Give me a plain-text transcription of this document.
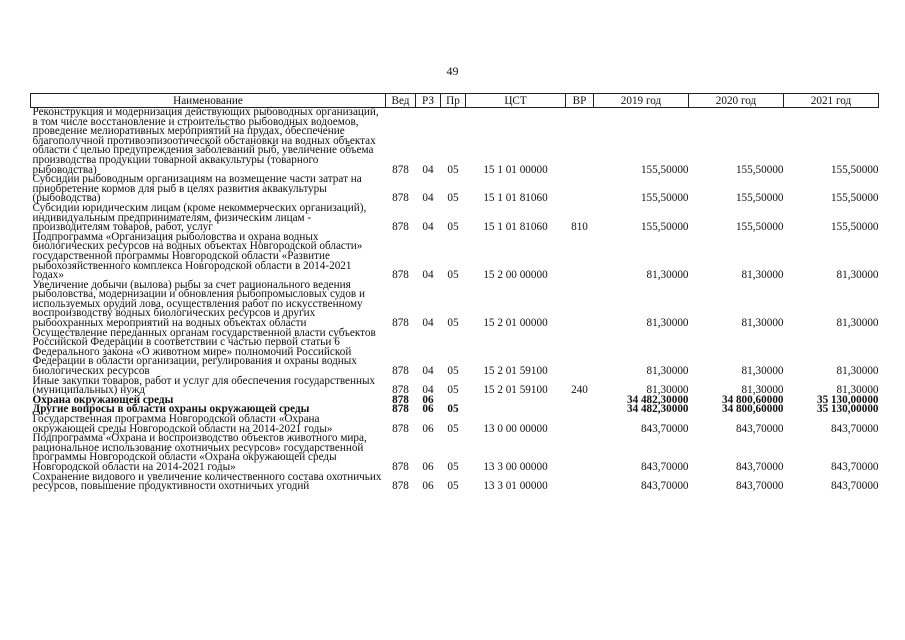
49
Наименование	Вед	РЗ	Пр	ЦСТ	ВР	2019 год	2020 год	2021 год
Реконструкция и модернизация действующих рыбоводных организаций, в том числе восстановление и строительство рыбоводных водоемов, проведение мелиоративных мероприятий на прудах, обеспечение благополучной противоэпизоотической обстановки на водных объектах области с целью предупреждения заболеваний рыб, увеличение объема производства продукции товарной аквакультуры (товарного рыбоводства)	878	04	05	15 1 01 00000		155,50000	155,50000	155,50000
Субсидии рыбоводным организациям на возмещение части затрат на приобретение кормов для рыб в целях развития аквакультуры (рыбоводства)	878	04	05	15 1 01 81060		155,50000	155,50000	155,50000
Субсидии юридическим лицам (кроме некоммерческих организаций), индивидуальным предпринимателям, физическим лицам - производителям товаров, работ, услуг	878	04	05	15 1 01 81060	810	155,50000	155,50000	155,50000
Подпрограмма «Организация рыболовства и охрана водных биологических ресурсов на водных объектах Новгородской области» государственной программы Новгородской области «Развитие рыбохозяйственного комплекса Новгородской области в 2014-2021 годах»	878	04	05	15 2 00 00000		81,30000	81,30000	81,30000
Увеличение добычи (вылова) рыбы за счет рационального ведения рыболовства, модернизации и обновления рыбопромысловых судов и используемых орудий лова, осуществления работ по искусственному воспроизводству водных биологических ресурсов и других рыбоохранных мероприятий на водных объектах области	878	04	05	15 2 01 00000		81,30000	81,30000	81,30000
Осуществление переданных органам государственной власти субъектов Российской Федерации в соответствии с частью первой статьи 6 Федерального закона «О животном мире» полномочий Российской Федерации в области организации, регулирования и охраны водных биологических ресурсов	878	04	05	15 2 01 59100		81,30000	81,30000	81,30000
Иные закупки товаров, работ и услуг для обеспечения государственных (муниципальных) нужд	878	04	05	15 2 01 59100	240	81,30000	81,30000	81,30000
Охрана окружающей среды	878	06				34 482,30000	34 800,60000	35 130,00000
Другие вопросы в области охраны окружающей среды	878	06	05			34 482,30000	34 800,60000	35 130,00000
Государственная программа Новгородской области «Охрана окружающей среды Новгородской области на 2014-2021 годы»	878	06	05	13 0 00 00000		843,70000	843,70000	843,70000
Подпрограмма «Охрана и воспроизводство объектов животного мира, рациональное использование охотничьих ресурсов» государственной программы Новгородской области «Охрана окружающей среды Новгородской области на 2014-2021 годы»	878	06	05	13 3 00 00000		843,70000	843,70000	843,70000
Сохранение видового и увеличение количественного состава охотничьих ресурсов, повышение продуктивности охотничьих угодий	878	06	05	13 3 01 00000		843,70000	843,70000	843,70000
